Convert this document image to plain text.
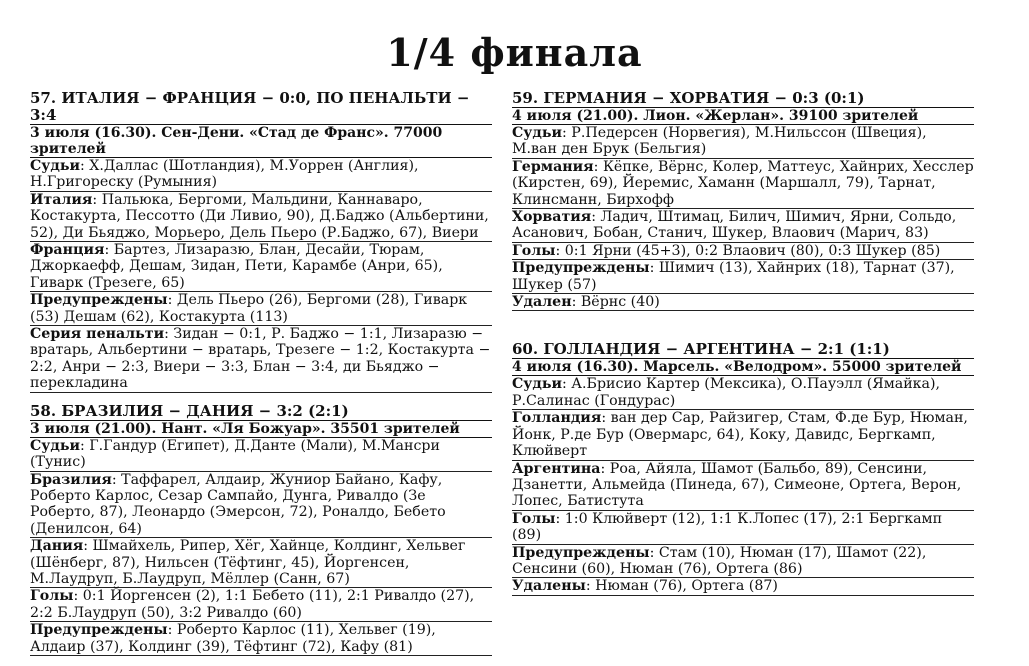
1/4 финала
57. ИТАЛИЯ − ФРАНЦИЯ − 0:0, ПО ПЕНАЛЬТИ − 3:4
3 июля (16.30). Сен-Дени. «Стад де Франс». 77000 зрителей
Судьи: Х.Даллас (Шотландия), М.Уоррен (Англия), Н.Григореску (Румыния)
Италия: Пальюка, Бергоми, Мальдини, Каннаваро, Костакурта, Пессотто (Ди Ливио, 90), Д.Баджо (Альбертини, 52), Ди Бьяджо, Морьеро, Дель Пьеро (Р.Баджо, 67), Виери
Франция: Бартез, Лизаразю, Блан, Десайи, Тюрам, Джоркаефф, Дешам, Зидан, Пети, Карамбе (Анри, 65), Гиварк (Трезеге, 65)
Предупреждены: Дель Пьеро (26), Бергоми (28), Гиварк (53) Дешам (62), Костакурта (113)
Серия пенальти: Зидан − 0:1, Р. Баджо − 1:1, Лизаразю − вратарь, Альбертини − вратарь, Трезеге − 1:2, Костакурта − 2:2, Анри − 2:3, Виери − 3:3, Блан − 3:4, ди Бьяджо − перекладина
58. БРАЗИЛИЯ − ДАНИЯ − 3:2 (2:1)
3 июля (21.00). Нант. «Ля Божуар». 35501 зрителей
Судьи: Г.Гандур (Египет), Д.Данте (Мали), М.Мансри (Тунис)
Бразилия: Таффарел, Алдаир, Жуниор Байано, Кафу, Роберто Карлос, Сезар Сампайо, Дунга, Ривалдо (Зе Роберто, 87), Леонардо (Эмерсон, 72), Роналдо, Бебето (Денилсон, 64)
Дания: Шмайхель, Рипер, Хёг, Хайнце, Колдинг, Хельвег (Шёнберг, 87), Нильсен (Тёфтинг, 45), Йоргенсен, М.Лаудруп, Б.Лаудруп, Мёллер (Санн, 67)
Голы: 0:1 Йоргенсен (2), 1:1 Бебето (11), 2:1 Ривалдо (27), 2:2 Б.Лаудруп (50), 3:2 Ривалдо (60)
Предупреждены: Роберто Карлос (11), Хельвег (19), Алдаир (37), Колдинг (39), Тёфтинг (72), Кафу (81)
59. ГЕРМАНИЯ − ХОРВАТИЯ − 0:3 (0:1)
4 июля (21.00). Лион. «Жерлан». 39100 зрителей
Судьи: Р.Педерсен (Норвегия), М.Нильссон (Швеция), М.ван ден Брук (Бельгия)
Германия: Кёпке, Вёрнс, Колер, Маттеус, Хайнрих, Хесслер (Кирстен, 69), Йеремис, Хаманн (Маршалл, 79), Тарнат, Клинсманн, Бирхофф
Хорватия: Ладич, Штимац, Билич, Шимич, Ярни, Сольдо, Асанович, Бобан, Станич, Шукер, Влаович (Марич, 83)
Голы: 0:1 Ярни (45+3), 0:2 Влаович (80), 0:3 Шукер (85)
Предупреждены: Шимич (13), Хайнрих (18), Тарнат (37), Шукер (57)
Удален: Вёрнс (40)
60. ГОЛЛАНДИЯ − АРГЕНТИНА − 2:1 (1:1)
4 июля (16.30). Марсель. «Велодром». 55000 зрителей
Судьи: А.Брисио Картер (Мексика), О.Пауэлл (Ямайка), Р.Салинас (Гондурас)
Голландия: ван дер Сар, Райзигер, Стам, Ф.де Бур, Нюман, Йонк, Р.де Бур (Овермарс, 64), Коку, Давидс, Бергкамп, Клюйверт
Аргентина: Роа, Айяла, Шамот (Бальбо, 89), Сенсини, Дзанетти, Альмейда (Пинеда, 67), Симеоне, Ортега, Верон, Лопес, Батистута
Голы: 1:0 Клюйверт (12), 1:1 К.Лопес (17), 2:1 Бергкамп (89)
Предупреждены: Стам (10), Нюман (17), Шамот (22), Сенсини (60), Нюман (76), Ортега (86)
Удалены: Нюман (76), Ортега (87)
